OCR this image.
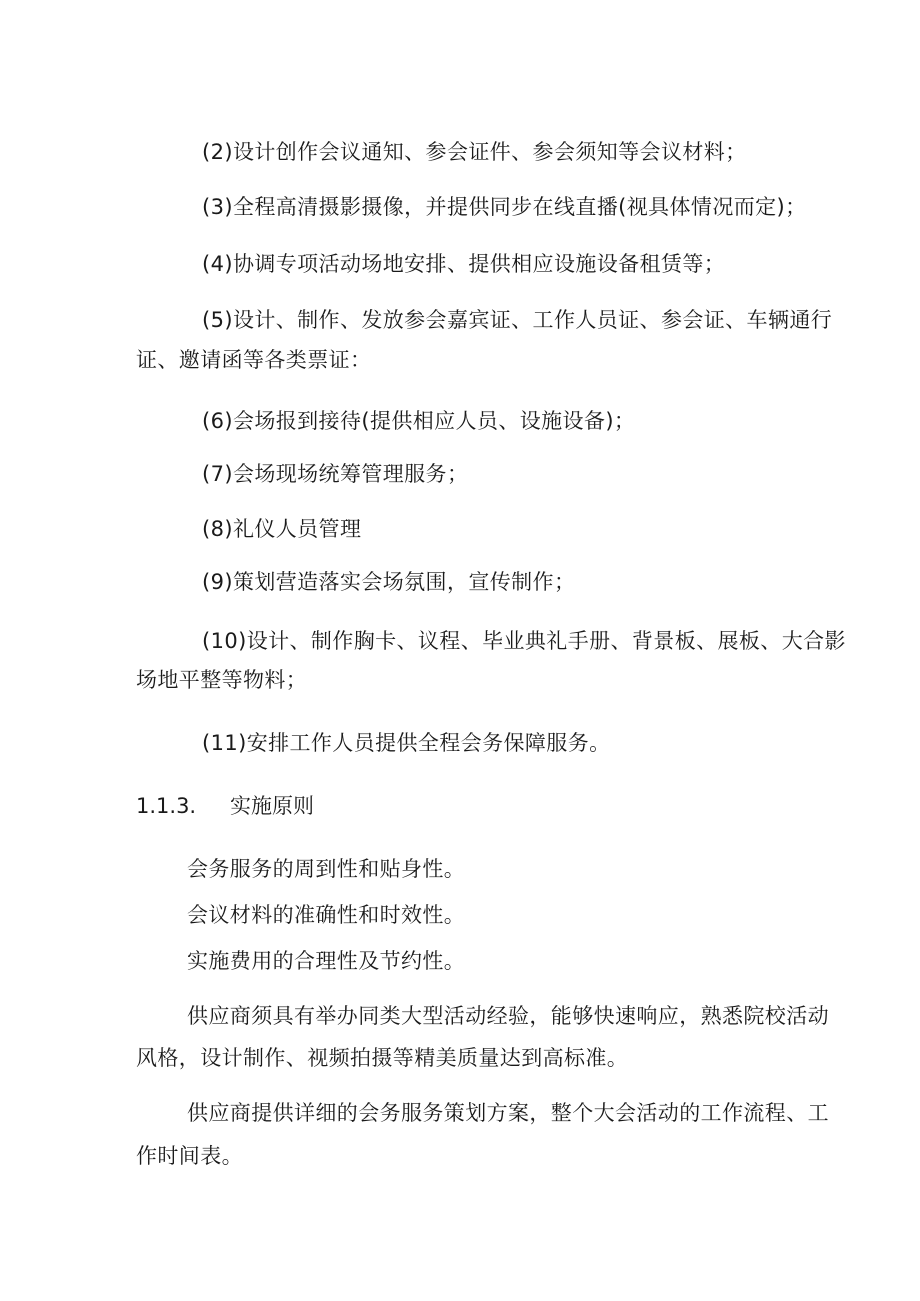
(2)设计创作会议通知、参会证件、参会须知等会议材料；
(3)全程高清摄影摄像，并提供同步在线直播(视具体情况而定)；
(4)协调专项活动场地安排、提供相应设施设备租赁等；
(5)设计、制作、发放参会嘉宾证、工作人员证、参会证、车辆通行
证、邀请函等各类票证：
(6)会场报到接待(提供相应人员、设施设备)；
(7)会场现场统筹管理服务；
(8)礼仪人员管理
(9)策划营造落实会场氛围，宣传制作；
(10)设计、制作胸卡、议程、毕业典礼手册、背景板、展板、大合影
场地平整等物料；
(11)安排工作人员提供全程会务保障服务。
1.1.3. 实施原则
会务服务的周到性和贴身性。
会议材料的准确性和时效性。
实施费用的合理性及节约性。
供应商须具有举办同类大型活动经验，能够快速响应，熟悉院校活动
风格，设计制作、视频拍摄等精美质量达到高标准。
供应商提供详细的会务服务策划方案，整个大会活动的工作流程、工
作时间表。
